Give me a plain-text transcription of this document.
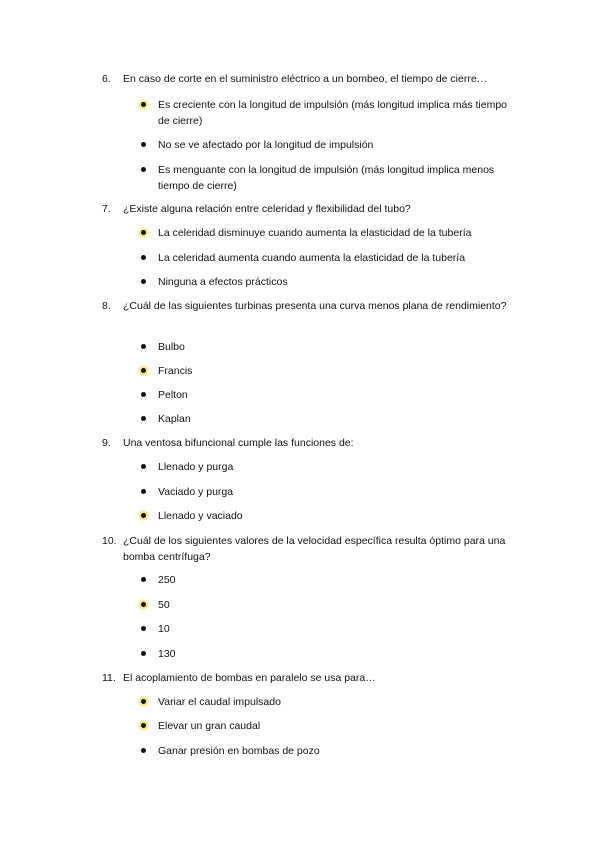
6.	En caso de corte en el suministro eléctrico a un bombeo, el tiempo de cierre…
Es creciente con la longitud de impulsión (más longitud implica más tiempo de cierre)
No se ve afectado por la longitud de impulsión
Es menguante con la longitud de impulsión (más longitud implica menos tiempo de cierre)
7.	¿Existe alguna relación entre celeridad y flexibilidad del tubo?
La celeridad disminuye cuando aumenta la elasticidad de la tubería
La celeridad aumenta cuando aumenta la elasticidad de la tubería
Ninguna a efectos prácticos
8.	¿Cuál de las siguientes turbinas presenta una curva menos plana de rendimiento?
Bulbo
Francis
Pelton
Kaplan
9.	Una ventosa bifuncional cumple las funciones de:
Llenado y purga
Vaciado y purga
Llenado y vaciado
10. ¿Cuál de los siguientes valores de la velocidad específica resulta óptimo para una bomba centrífuga?
250
50
10
130
11. El acoplamiento de bombas en paralelo se usa para…
Variar el caudal impulsado
Elevar un gran caudal
Ganar presión en bombas de pozo
